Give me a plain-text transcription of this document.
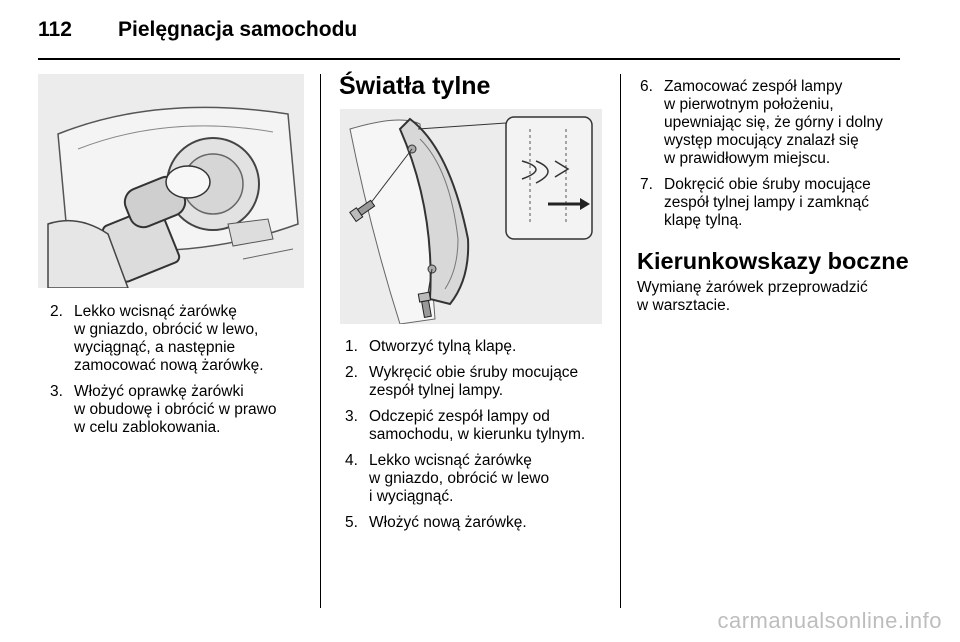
112 Pielęgnacja samochodu
2. Lekko wcisnąć żarówkę
w gniazdo, obrócić w lewo,
wyciągnąć, a następnie
zamocować nową żarówkę.
3. Włożyć oprawkę żarówki
w obudowę i obrócić w prawo
w celu zablokowania.
Światła tylne
1. Otworzyć tylną klapę.
2. Wykręcić obie śruby mocujące
zespół tylnej lampy.
3. Odczepić zespół lampy od
samochodu, w kierunku tylnym.
4. Lekko wcisnąć żarówkę
w gniazdo, obrócić w lewo
i wyciągnąć.
5. Włożyć nową żarówkę.
6. Zamocować zespół lampy
w pierwotnym położeniu,
upewniając się, że górny i dolny
występ mocujący znalazł się
w prawidłowym miejscu.
7. Dokręcić obie śruby mocujące
zespół tylnej lampy i zamknąć
klapę tylną.
Kierunkowskazy boczne

Wymianę żarówek przeprowadzić
w warsztacie.

carmanualsonline.info
